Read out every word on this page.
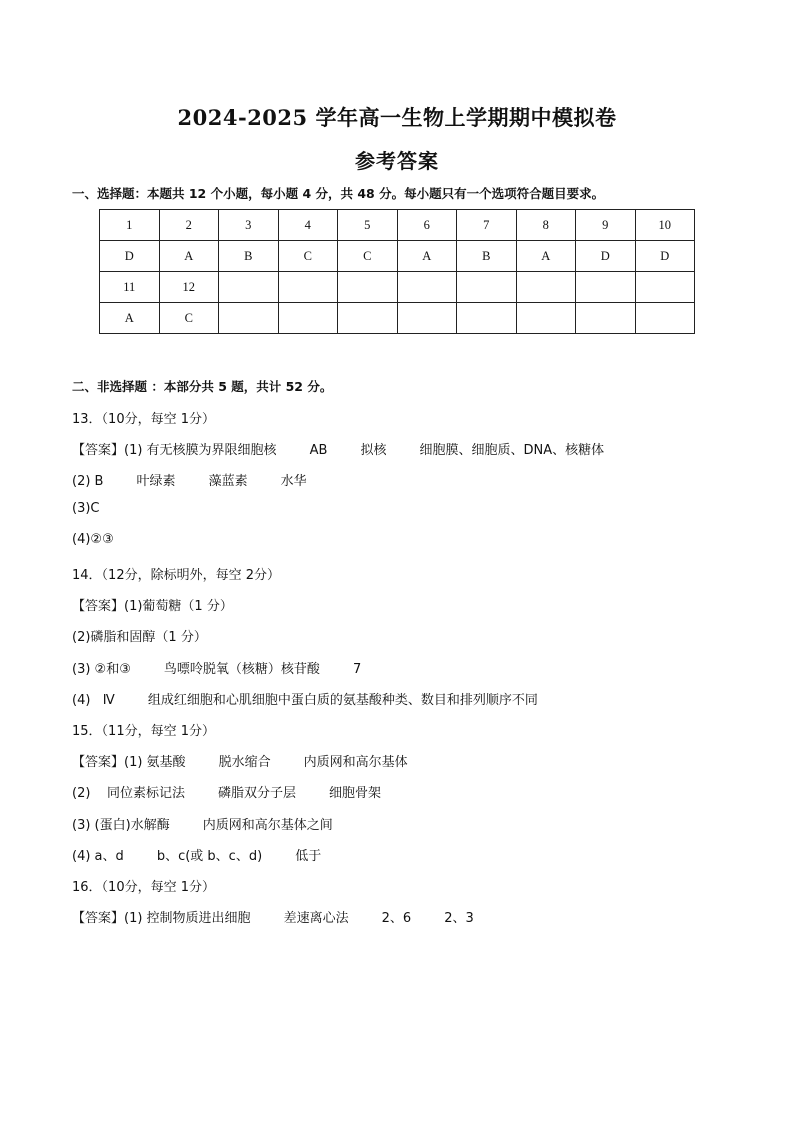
2024-2025 学年高一生物上学期期中模拟卷
参考答案
一、选择题：本题共 12 个小题，每小题 4 分，共 48 分。每小题只有一个选项符合题目要求。
1	2	3	4	5	6	7	8	9	10
D	A	B	C	C	A	B	A	D	D
11	12								
A	C								
二、非选择题 ：本部分共 5 题，共计 52 分。
13．（10分，每空 1分）
【答案】(1) 有无核膜为界限细胞核        AB        拟核        细胞膜、细胞质、DNA、核糖体
(2) B        叶绿素        藻蓝素        水华
(3)C
(4)②③
14．（12分，除标明外，每空 2分）
【答案】(1)葡萄糖（1 分）
(2)磷脂和固醇（1 分）
(3) ②和③        鸟嘌呤脱氧（核糖）核苷酸        7
(4)   Ⅳ        组成红细胞和心肌细胞中蛋白质的氨基酸种类、数目和排列顺序不同
15．（11分，每空 1分）
【答案】(1) 氨基酸        脱水缩合        内质网和高尔基体
(2)    同位素标记法        磷脂双分子层        细胞骨架
(3) (蛋白)水解酶        内质网和高尔基体之间
(4) a、d        b、c(或 b、c、d)        低于
16．（10分，每空 1分）
【答案】(1) 控制物质进出细胞        差速离心法        2、6        2、3
